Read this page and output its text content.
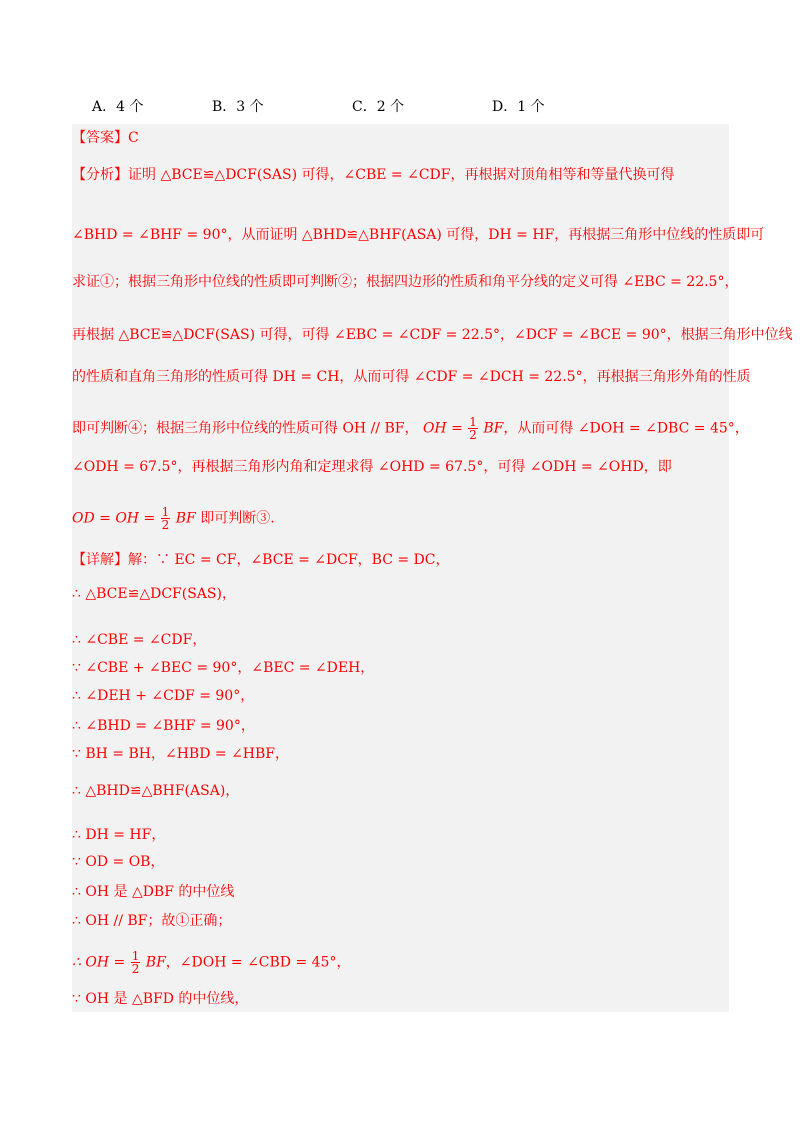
A．4 个	B．3 个	C．2 个	D．1 个
【答案】C
【分析】证明 △BCE≌△DCF(SAS) 可得，∠CBE = ∠CDF，再根据对顶角相等和等量代换可得
∠BHD = ∠BHF = 90°，从而证明 △BHD≌△BHF(ASA) 可得，DH = HF，再根据三角形中位线的性质即可
求证①；根据三角形中位线的性质即可判断②；根据四边形的性质和角平分线的定义可得 ∠EBC = 22.5°，
再根据 △BCE≌△DCF(SAS) 可得，可得 ∠EBC = ∠CDF = 22.5°，∠DCF = ∠BCE = 90°，根据三角形中位线
的性质和直角三角形的性质可得 DH = CH，从而可得 ∠CDF = ∠DCH = 22.5°，再根据三角形外角的性质
即可判断④；根据三角形中位线的性质可得 OH // BF， OH = $\frac{1}{2}$ BF，从而可得 ∠DOH = ∠DBC = 45°，
∠ODH = 67.5°，再根据三角形内角和定理求得 ∠OHD = 67.5°，可得 ∠ODH = ∠OHD，即
OD = OH = $\frac{1}{2}$ BF 即可判断③.
【详解】解：∵ EC = CF，∠BCE = ∠DCF，BC = DC，
∴ △BCE≌△DCF(SAS)，
∴ ∠CBE = ∠CDF，
∵ ∠CBE + ∠BEC = 90°，∠BEC = ∠DEH，
∴ ∠DEH + ∠CDF = 90°，
∴ ∠BHD = ∠BHF = 90°，
∵ BH = BH，∠HBD = ∠HBF，
∴ △BHD≌△BHF(ASA)，
∴ DH = HF，
∵ OD = OB，
∴ OH 是 △DBF 的中位线
∴ OH // BF；故①正确；
∴ OH = $\frac{1}{2}$ BF，∠DOH = ∠CBD = 45°，
∵ OH 是 △BFD 的中位线，
